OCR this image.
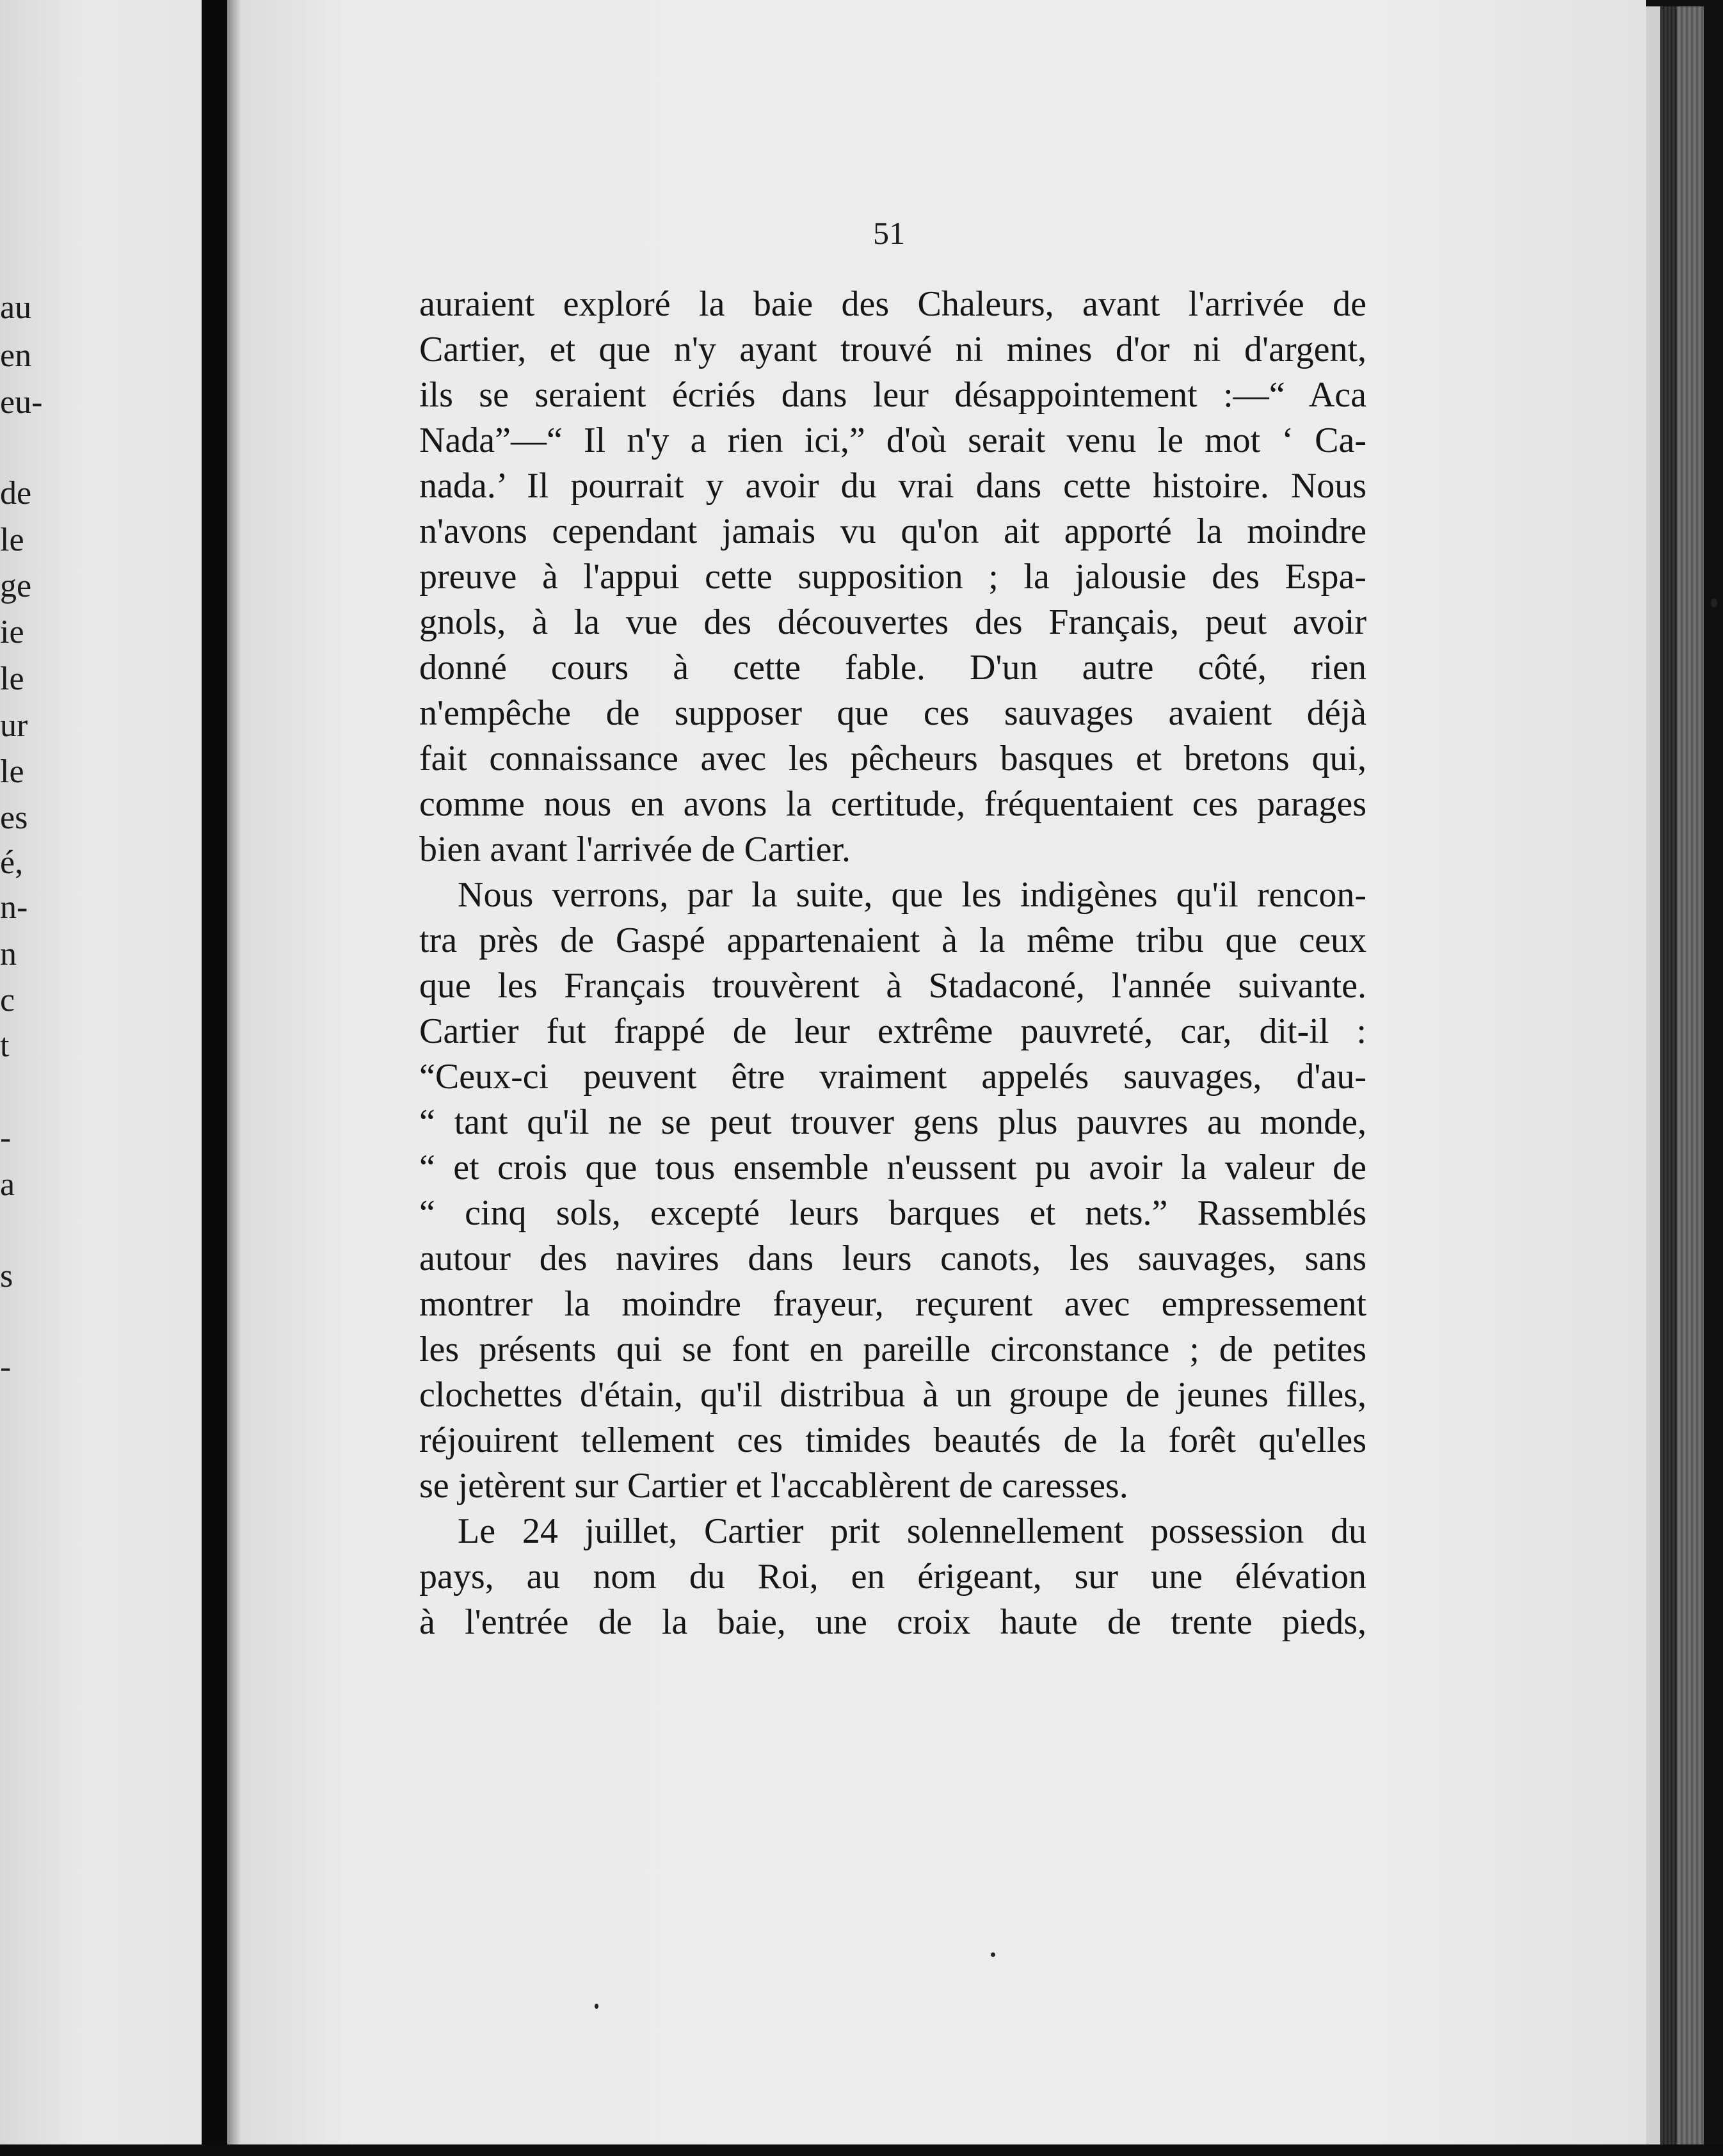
au
en
eu-
de
le
ge
ie
le
ur
le
es
é,
n-
n
c
t
-
a
s
-
51
auraient exploré la baie des Chaleurs, avant l'arrivée de
Cartier, et que n'y ayant trouvé ni mines d'or ni d'argent,
ils se seraient écriés dans leur désappointement :—“ Aca
Nada”—“ Il n'y a rien ici,” d'où serait venu le mot ‘ Ca-
nada.’ Il pourrait y avoir du vrai dans cette histoire. Nous
n'avons cependant jamais vu qu'on ait apporté la moindre
preuve à l'appui cette supposition ; la jalousie des Espa-
gnols, à la vue des découvertes des Français, peut avoir
donné cours à cette fable. D'un autre côté, rien
n'empêche de supposer que ces sauvages avaient déjà
fait connaissance avec les pêcheurs basques et bretons qui,
comme nous en avons la certitude, fréquentaient ces parages
bien avant l'arrivée de Cartier.
Nous verrons, par la suite, que les indigènes qu'il rencon-
tra près de Gaspé appartenaient à la même tribu que ceux
que les Français trouvèrent à Stadaconé, l'année suivante.
Cartier fut frappé de leur extrême pauvreté, car, dit-il :
“Ceux-ci peuvent être vraiment appelés sauvages, d'au-
“ tant qu'il ne se peut trouver gens plus pauvres au monde,
“ et crois que tous ensemble n'eussent pu avoir la valeur de
“ cinq sols, excepté leurs barques et nets.” Rassemblés
autour des navires dans leurs canots, les sauvages, sans
montrer la moindre frayeur, reçurent avec empressement
les présents qui se font en pareille circonstance ; de petites
clochettes d'étain, qu'il distribua à un groupe de jeunes filles,
réjouirent tellement ces timides beautés de la forêt qu'elles
se jetèrent sur Cartier et l'accablèrent de caresses.
Le 24 juillet, Cartier prit solennellement possession du
pays, au nom du Roi, en érigeant, sur une élévation
à l'entrée de la baie, une croix haute de trente pieds,
